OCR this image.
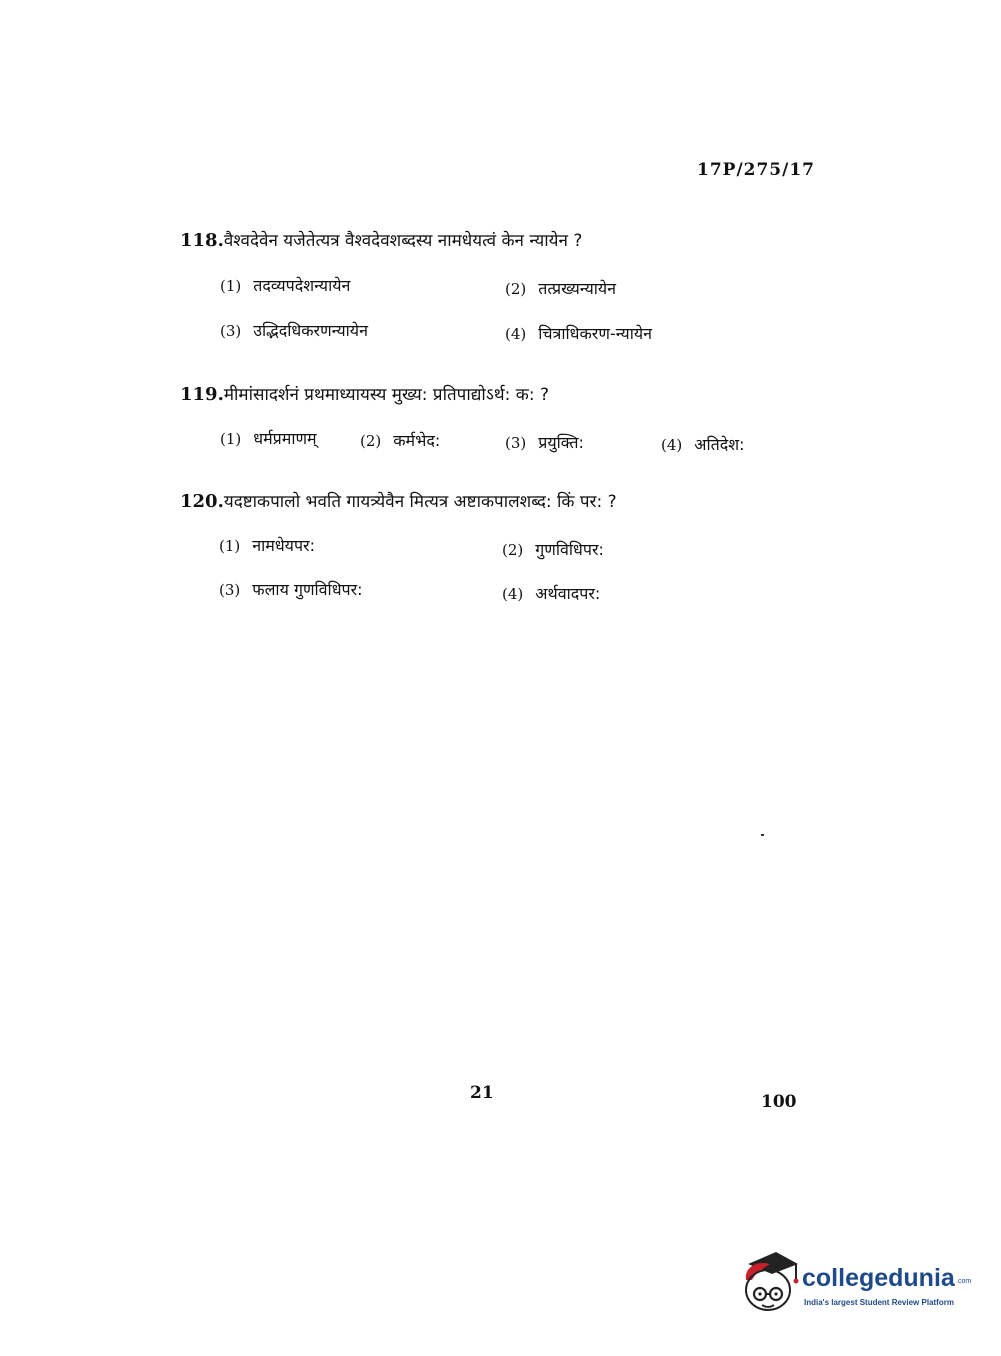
17P/275/17
118.वैश्वदेवेन यजेतेत्यत्र वैश्वदेवशब्दस्य नामधेयत्वं केन न्यायेन ?
(1) तदव्यपदेशन्यायेन	(2) तत्प्रख्यन्यायेन
(3) उद्भिदधिकरणन्यायेन	(4) चित्राधिकरण-न्यायेन
119.मीमांसादर्शनं प्रथमाध्यायस्य मुख्य: प्रतिपाद्योऽर्थ: क: ?
(1) धर्मप्रमाणम्	(2) कर्मभेद:	(3) प्रयुक्ति:	(4) अतिदेश:
120.यदष्टाकपालो भवति गायत्र्येवैन मित्यत्र अष्टाकपालशब्द: किं पर: ?
(1) नामधेयपर:	(2) गुणविधिपर:
(3) फलाय गुणविधिपर:	(4) अर्थवादपर:
21	100
collegedunia .com
India's largest Student Review Platform
